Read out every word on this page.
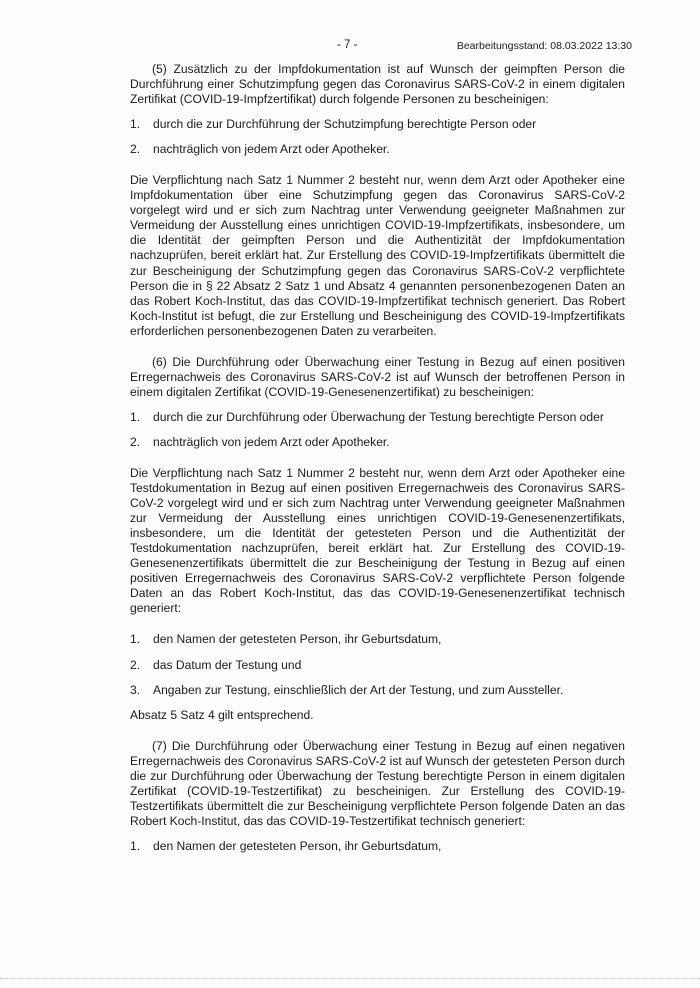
- 7 -	Bearbeitungsstand: 08.03.2022 13:30

(5) Zusätzlich zu der Impfdokumentation ist auf Wunsch der geimpften Person die Durchführung einer Schutzimpfung gegen das Coronavirus SARS-CoV-2 in einem digitalen Zertifikat (COVID-19-Impfzertifikat) durch folgende Personen zu bescheinigen:

1.	durch die zur Durchführung der Schutzimpfung berechtigte Person oder
2.	nachträglich von jedem Arzt oder Apotheker.

Die Verpflichtung nach Satz 1 Nummer 2 besteht nur, wenn dem Arzt oder Apotheker eine Impfdokumentation über eine Schutzimpfung gegen das Coronavirus SARS-CoV-2 vorgelegt wird und er sich zum Nachtrag unter Verwendung geeigneter Maßnahmen zur Vermeidung der Ausstellung eines unrichtigen COVID-19-Impfzertifikats, insbesondere, um die Identität der geimpften Person und die Authentizität der Impfdokumentation nachzuprüfen, bereit erklärt hat. Zur Erstellung des COVID-19-Impfzertifikats übermittelt die zur Bescheinigung der Schutzimpfung gegen das Coronavirus SARS-CoV-2 verpflichtete Person die in § 22 Absatz 2 Satz 1 und Absatz 4 genannten personenbezogenen Daten an das Robert Koch-Institut, das das COVID-19-Impfzertifikat technisch generiert. Das Robert Koch-Institut ist befugt, die zur Erstellung und Bescheinigung des COVID-19-Impfzertifikats erforderlichen personenbezogenen Daten zu verarbeiten.

(6) Die Durchführung oder Überwachung einer Testung in Bezug auf einen positiven Erregernachweis des Coronavirus SARS-CoV-2 ist auf Wunsch der betroffenen Person in einem digitalen Zertifikat (COVID-19-Genesenenzertifikat) zu bescheinigen:

1.	durch die zur Durchführung oder Überwachung der Testung berechtigte Person oder
2.	nachträglich von jedem Arzt oder Apotheker.

Die Verpflichtung nach Satz 1 Nummer 2 besteht nur, wenn dem Arzt oder Apotheker eine Testdokumentation in Bezug auf einen positiven Erregernachweis des Coronavirus SARS-CoV-2 vorgelegt wird und er sich zum Nachtrag unter Verwendung geeigneter Maßnahmen zur Vermeidung der Ausstellung eines unrichtigen COVID-19-Genesenenzertifikats, insbesondere, um die Identität der getesteten Person und die Authentizität der Testdokumentation nachzuprüfen, bereit erklärt hat. Zur Erstellung des COVID-19-Genesenenzertifikats übermittelt die zur Bescheinigung der Testung in Bezug auf einen positiven Erregernachweis des Coronavirus SARS-CoV-2 verpflichtete Person folgende Daten an das Robert Koch-Institut, das das COVID-19-Genesenenzertifikat technisch generiert:

1.	den Namen der getesteten Person, ihr Geburtsdatum,
2.	das Datum der Testung und
3.	Angaben zur Testung, einschließlich der Art der Testung, und zum Aussteller.

Absatz 5 Satz 4 gilt entsprechend.

(7) Die Durchführung oder Überwachung einer Testung in Bezug auf einen negativen Erregernachweis des Coronavirus SARS-CoV-2 ist auf Wunsch der getesteten Person durch die zur Durchführung oder Überwachung der Testung berechtigte Person in einem digitalen Zertifikat (COVID-19-Testzertifikat) zu bescheinigen. Zur Erstellung des COVID-19-Testzertifikats übermittelt die zur Bescheinigung verpflichtete Person folgende Daten an das Robert Koch-Institut, das das COVID-19-Testzertifikat technisch generiert:

1.	den Namen der getesteten Person, ihr Geburtsdatum,
